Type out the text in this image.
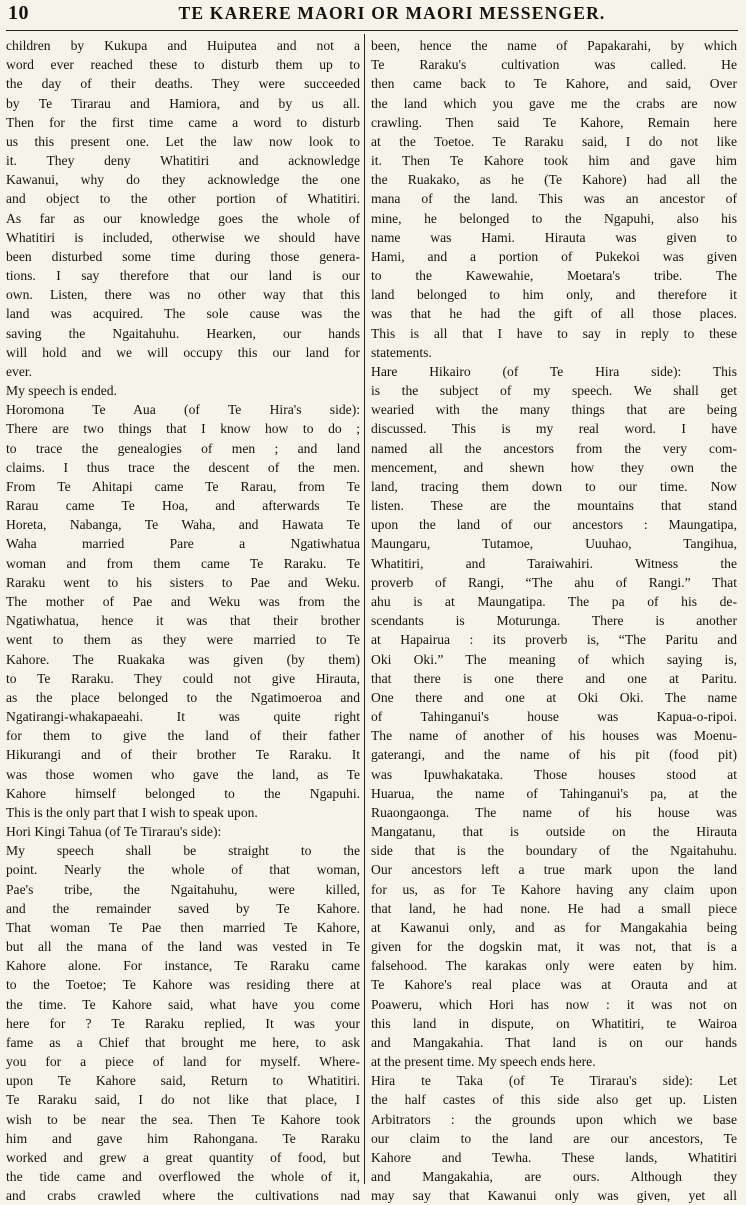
10	TE KARERE MAORI OR MAORI MESSENGER.
children by Kukupa and Huiputea and not a
word ever reached these to disturb them up to
the day of their deaths. They were succeeded
by Te Tirarau and Hamiora, and by us all.
Then for the first time came a word to disturb
us this present one. Let the law now look to
it. They deny Whatitiri and acknowledge
Kawanui, why do they acknowledge the one
and object to the other portion of Whatitiri.
As far as our knowledge goes the whole of
Whatitiri is included, otherwise we should have
been disturbed some time during those genera-
tions. I say therefore that our land is our
own. Listen, there was no other way that this
land was acquired. The sole cause was the
saving the Ngaitahuhu. Hearken, our hands
will hold and we will occupy this our land for
ever.
My speech is ended.
Horomona Te Aua (of Te Hira's side):
There are two things that I know how to do ;
to trace the genealogies of men ; and land
claims. I thus trace the descent of the men.
From Te Ahitapi came Te Rarau, from Te
Rarau came Te Hoa, and afterwards Te
Horeta, Nabanga, Te Waha, and Hawata Te
Waha married Pare a Ngatiwhatua
woman and from them came Te Raraku. Te
Raraku went to his sisters to Pae and Weku.
The mother of Pae and Weku was from the
Ngatiwhatua, hence it was that their brother
went to them as they were married to Te
Kahore. The Ruakaka was given (by them)
to Te Raraku. They could not give Hirauta,
as the place belonged to the Ngatimoeroa and
Ngatirangi-whakapaeahi. It was quite right
for them to give the land of their father
Hikurangi and of their brother Te Raraku. It
was those women who gave the land, as Te
Kahore himself belonged to the Ngapuhi.
This is the only part that I wish to speak upon.
Hori Kingi Tahua (of Te Tirarau's side):
My speech shall be straight to the
point. Nearly the whole of that woman,
Pae's tribe, the Ngaitahuhu, were killed,
and the remainder saved by Te Kahore.
That woman Te Pae then married Te Kahore,
but all the mana of the land was vested in Te
Kahore alone. For instance, Te Raraku came
to the Toetoe; Te Kahore was residing there at
the time. Te Kahore said, what have you come
here for ? Te Raraku replied, It was your
fame as a Chief that brought me here, to ask
you for a piece of land for myself. Where-
upon Te Kahore said, Return to Whatitiri.
Te Raraku said, I do not like that place, I
wish to be near the sea. Then Te Kahore took
him and gave him Rahongana. Te Raraku
worked and grew a great quantity of food, but
the tide came and overflowed the whole of it,
and crabs crawled where the cultivations nad
been, hence the name of Papakarahi, by which
Te Raraku's cultivation was called. He
then came back to Te Kahore, and said, Over
the land which you gave me the crabs are now
crawling. Then said Te Kahore, Remain here
at the Toetoe. Te Raraku said, I do not like
it. Then Te Kahore took him and gave him
the Ruakako, as he (Te Kahore) had all the
mana of the land. This was an ancestor of
mine, he belonged to the Ngapuhi, also his
name was Hami. Hirauta was given to
Hami, and a portion of Pukekoi was given
to the Kawewahie, Moetara's tribe. The
land belonged to him only, and therefore it
was that he had the gift of all those places.
This is all that I have to say in reply to these
statements.
Hare Hikairo (of Te Hira side): This
is the subject of my speech. We shall get
wearied with the many things that are being
discussed. This is my real word. I have
named all the ancestors from the very com-
mencement, and shewn how they own the
land, tracing them down to our time. Now
listen. These are the mountains that stand
upon the land of our ancestors : Maungatipa,
Maungaru, Tutamoe, Uuuhao, Tangihua,
Whatitiri, and Taraiwahiri. Witness the
proverb of Rangi, “The ahu of Rangi.” That
ahu is at Maungatipa. The pa of his de-
scendants is Moturunga. There is another
at Hapairua : its proverb is, “The Paritu and
Oki Oki.” The meaning of which saying is,
that there is one there and one at Paritu.
One there and one at Oki Oki. The name
of Tahinganui's house was Kapua-o-ripoi.
The name of another of his houses was Moenu-
gaterangi, and the name of his pit (food pit)
was Ipuwhakataka. Those houses stood at
Huarua, the name of Tahinganui's pa, at the
Ruaongaonga. The name of his house was
Mangatanu, that is outside on the Hirauta
side that is the boundary of the Ngaitahuhu.
Our ancestors left a true mark upon the land
for us, as for Te Kahore having any claim upon
that land, he had none. He had a small piece
at Kawanui only, and as for Mangakahia being
given for the dogskin mat, it was not, that is a
falsehood. The karakas only were eaten by him.
Te Kahore's real place was at Orauta and at
Poaweru, which Hori has now : it was not on
this land in dispute, on Whatitiri, te Wairoa
and Mangakahia. That land is on our hands
at the present time. My speech ends here.
Hira te Taka (of Te Tirarau's side): Let
the half castes of this side also get up. Listen
Arbitrators : the grounds upon which we base
our claim to the land are our ancestors, Te
Kahore and Tewha. These lands, Whatitiri
and Mangakahia, are ours. Although they
may say that Kawanui only was given, yet all
